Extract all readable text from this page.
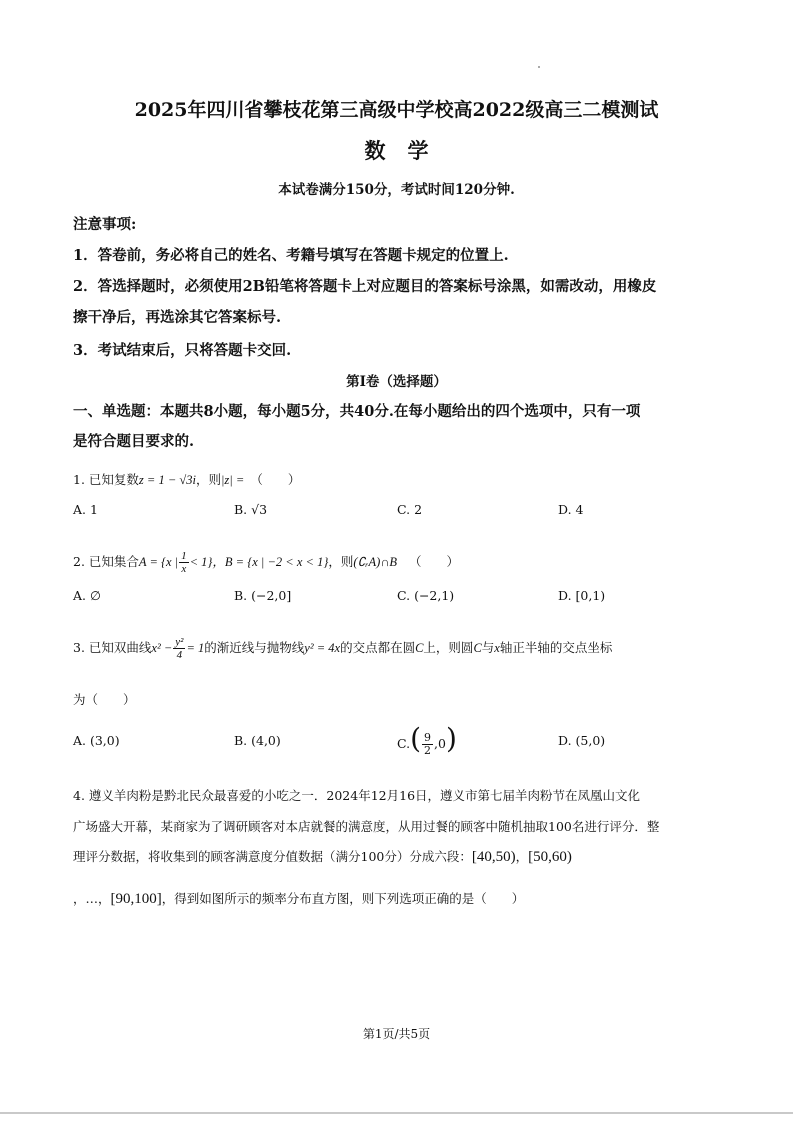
2025年四川省攀枝花第三高级中学校高2022级高三二模测试
数学
本试卷满分150分，考试时间120分钟.
注意事项:
1．答卷前，务必将自己的姓名、考籍号填写在答题卡规定的位置上.
2．答选择题时，必须使用2B铅笔将答题卡上对应题目的答案标号涂黑，如需改动，用橡皮
擦干净后，再选涂其它答案标号.
3．考试结束后，只将答题卡交回.
第I卷（选择题）
一、单选题：本题共8小题，每小题5分，共40分.在每小题给出的四个选项中，只有一项
是符合题目要求的.
1. 已知复数z = 1 − √3i，则|z| = （　　）
A. 1	B. √3	C. 2	D. 4
2. 已知集合A = {x | $\frac{1}{x} < 1$}，B = {x | −2 < x < 1}，则(∁ᵣA)∩B （　　）
A. ∅	B. (−2,0]	C. (−2,1)	D. [0,1)
3. 已知双曲线$x^2 - \frac{\text{y²}}{4} = 1$的渐近线与抛物线y² = 4x的交点都在圆C上，则圆C与x轴正半轴的交点坐标
为（　　）
A. (3,0)	B. (4,0)	$C.( \frac{9}{2} ,0)$	D. (5,0)
4. 遵义羊肉粉是黔北民众最喜爱的小吃之一．2024年12月16日，遵义市第七届羊肉粉节在凤凰山文化
广场盛大开幕，某商家为了调研顾客对本店就餐的满意度，从用过餐的顾客中随机抽取100名进行评分．整
理评分数据，将收集到的顾客满意度分值数据（满分100分）分成六段：[40,50)，[50,60)
，…，[90,100]，得到如图所示的频率分布直方图，则下列选项正确的是（　　）
第1页/共5页
